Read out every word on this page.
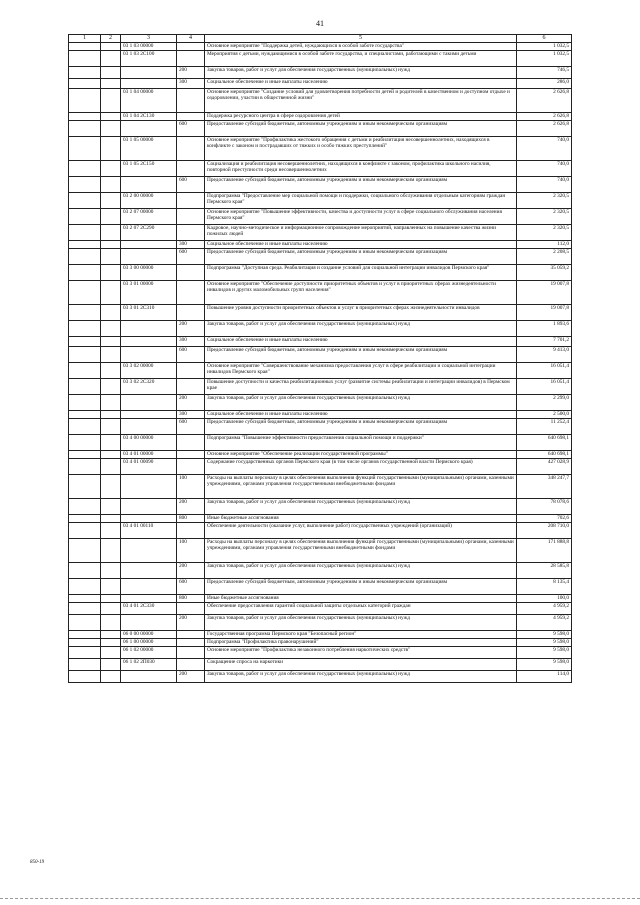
41
1	2	3	4	5	6
		03 1 03 00000		Основное мероприятие "Поддержка детей, нуждающихся в особой заботе государства"	1 032,5
		03 1 03 2C100		Мероприятия с детьми, нуждающимися в особой заботе государства, и специалистами, работающими с такими детьми	1 032,5
			200	Закупка товаров, работ и услуг для обеспечения государственных (муниципальных) нужд	746,5
			300	Социальное обеспечение и иные выплаты населению	286,0
		03 1 04 00000		Основное мероприятие "Создание условий для удовлетворения потребности детей и родителей в качественном и доступном отдыхе и оздоровлении, участии в общественной жизни"	2 626,8
		03 1 04 2C130		Поддержка ресурсного центра в сфере оздоровления детей	2 626,8
			600	Предоставление субсидий бюджетным, автономным учреждениям и иным некоммерческим организациям	2 626,8
		03 1 05 00000		Основное мероприятие "Профилактика жестокого обращения с детьми и реабилитация несовершеннолетних, находящихся в конфликте с законом и пострадавших от тяжких и особо тяжких преступлений"	740,0
		03 1 05 2C150		Социализация и реабилитация несовершеннолетних, находящихся в конфликте с законом, профилактика школьного насилия, повторной преступности среди несовершеннолетних	740,0
			600	Предоставление субсидий бюджетным, автономным учреждениям и иным некоммерческим организациям	740,0
		03 2 00 00000		Подпрограмма "Предоставление мер социальной помощи и поддержки, социального обслуживания отдельным категориям граждан Пермского края"	2 320,5
		03 2 07 00000		Основное мероприятие "Повышение эффективности, качества и доступности услуг в сфере социального обслуживания населения Пермского края"	2 320,5
		03 2 07 2C290		Кадровое, научно-методическое и информационное сопровождение мероприятий, направленных на повышение качества жизни пожилых людей	2 320,5
			300	Социальное обеспечение и иные выплаты населению	112,0
			600	Предоставление субсидий бюджетным, автономным учреждениям и иным некоммерческим организациям	2 208,5
		03 3 00 00000		Подпрограмма "Доступная среда. Реабилитация и создание условий для социальной интеграции инвалидов Пермского края"	35 059,2
		03 3 01 00000		Основное мероприятие "Обеспечение доступности приоритетных объектов и услуг в приоритетных сферах жизнедеятельности инвалидов и других маломобильных групп населения"	19 007,8
		03 3 01 2C310		Повышение уровня доступности приоритетных объектов и услуг в приоритетных сферах жизнедеятельности инвалидов	19 007,8
			200	Закупка товаров, работ и услуг для обеспечения государственных (муниципальных) нужд	1 893,6
			300	Социальное обеспечение и иные выплаты населению	7 701,2
			600	Предоставление субсидий бюджетным, автономным учреждениям и иным некоммерческим организациям	9 413,0
		03 3 02 00000		Основное мероприятие "Совершенствование механизма предоставления услуг в сфере реабилитации и социальной интеграции инвалидов Пермского края"	16 051,4
		03 3 02 2C320		Повышение доступности и качества реабилитационных услуг (развитие системы реабилитации и интеграции инвалидов) в Пермском крае	16 051,4
			200	Закупка товаров, работ и услуг для обеспечения государственных (муниципальных) нужд	2 299,0
			300	Социальное обеспечение и иные выплаты населению	2 500,0
			600	Предоставление субсидий бюджетным, автономным учреждениям и иным некоммерческим организациям	11 252,4
		03 4 00 00000		Подпрограмма "Повышение эффективности предоставления социальной помощи и поддержки"	640 698,1
		03 4 01 00000		Основное мероприятие "Обеспечение реализации государственной программы"	640 698,1
		03 4 01 00090		Содержание государственных органов Пермского края (в том числе органов государственной власти Пермского края)	427 028,9
			100	Расходы на выплаты персоналу в целях обеспечения выполнения функций государственными (муниципальными) органами, казенными учреждениями, органами управления государственными внебюджетными фондами	348 247,7
			200	Закупка товаров, работ и услуг для обеспечения государственных (муниципальных) нужд	78 078,6
			800	Иные бюджетные ассигнования	702,6
		03 4 01 00110		Обеспечение деятельности (оказание услуг, выполнение работ) государственных учреждений (организаций)	208 710,0
			100	Расходы на выплаты персоналу в целях обеспечения выполнения функций государственными (муниципальными) органами, казенными учреждениями, органами управления государственными внебюджетными фондами	171 888,8
			200	Закупка товаров, работ и услуг для обеспечения государственных (муниципальных) нужд	28 585,8
			600	Предоставление субсидий бюджетным, автономным учреждениям и иным некоммерческим организациям	8 135,4
			800	Иные бюджетные ассигнования	100,0
		03 4 01 2C330		Обеспечение предоставления гарантий социальной защиты отдельных категорий граждан	4 959,2
			200	Закупка товаров, работ и услуг для обеспечения государственных (муниципальных) нужд	4 959,2
		06 0 00 00000		Государственная программа Пермского края "Безопасный регион"	9 598,0
		06 1 00 00000		Подпрограмма "Профилактика правонарушений"	9 598,0
		06 1 02 00000		Основное мероприятие "Профилактика незаконного потребления наркотических средств"	9 598,0
		06 1 02 2П030		Сокращение спроса на наркотики	9 598,0
			200	Закупка товаров, работ и услуг для обеспечения государственных (муниципальных) нужд	114,0
850-19
